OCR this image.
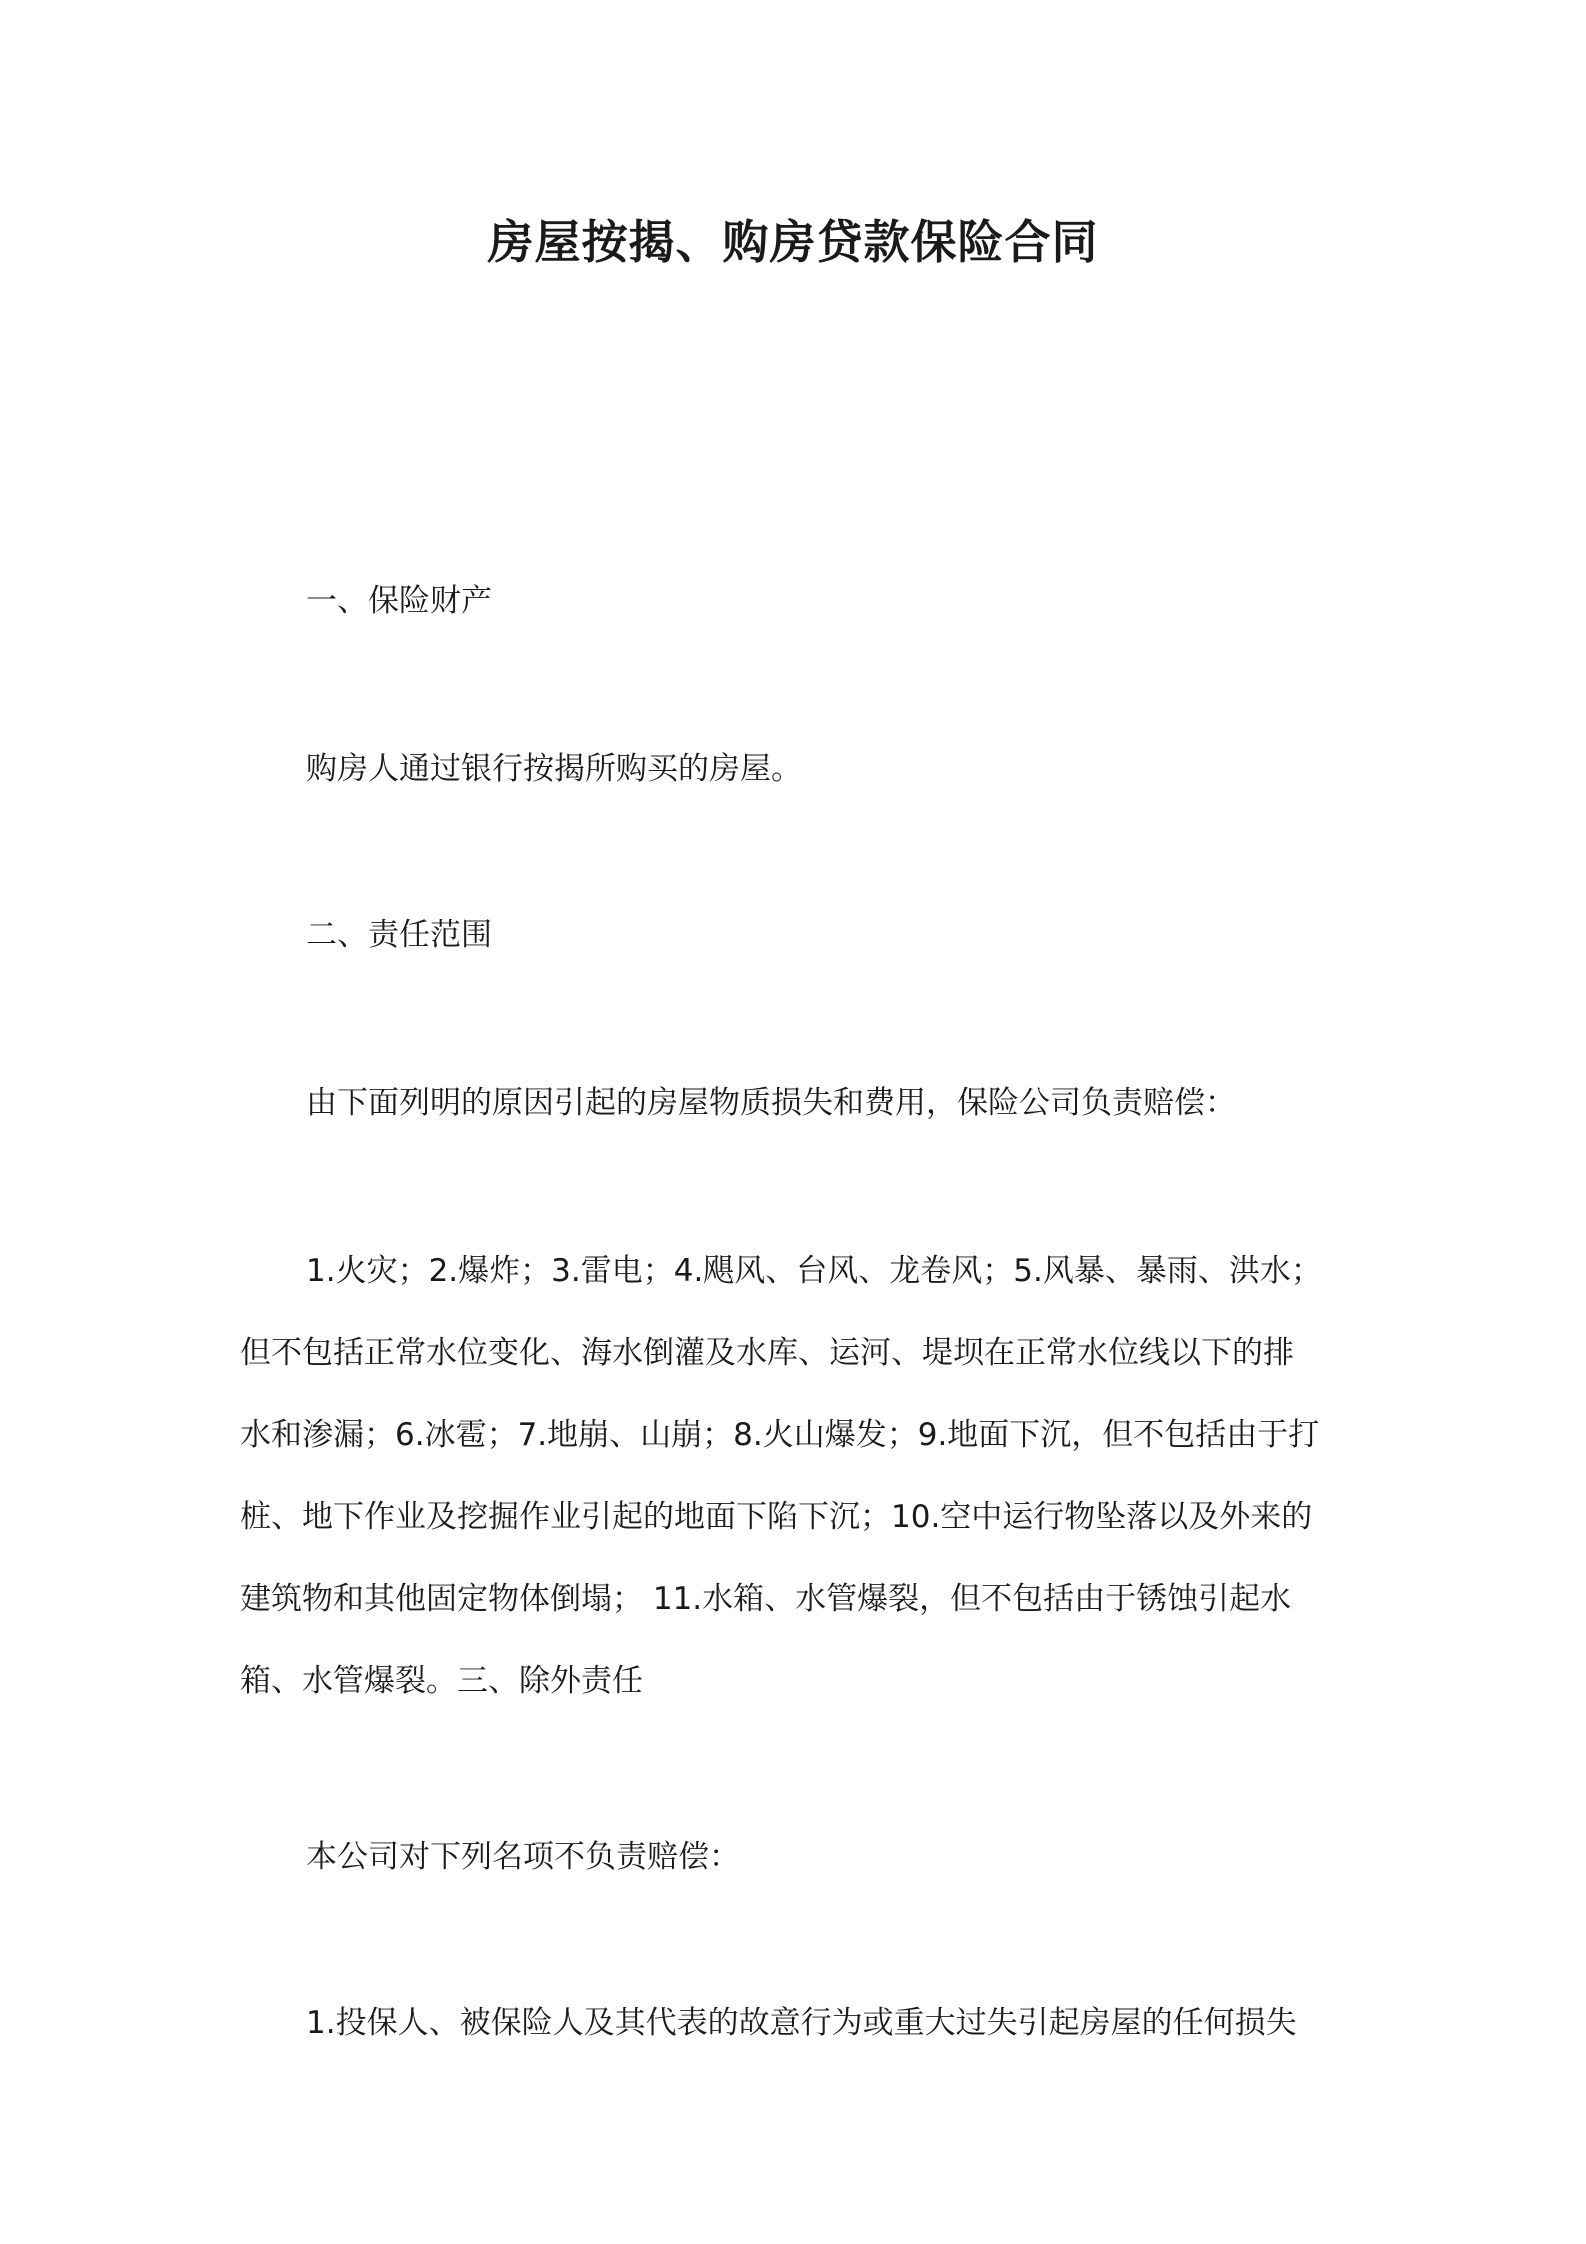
房屋按揭、购房贷款保险合同

一、保险财产

购房人通过银行按揭所购买的房屋。

二、责任范围

由下面列明的原因引起的房屋物质损失和费用，保险公司负责赔偿：

1.火灾；2.爆炸；3.雷电；4.飓风、台风、龙卷风；5.风暴、暴雨、洪水；
但不包括正常水位变化、海水倒灌及水库、运河、堤坝在正常水位线以下的排
水和渗漏；6.冰雹；7.地崩、山崩；8.火山爆发；9.地面下沉，但不包括由于打
桩、地下作业及挖掘作业引起的地面下陷下沉；10.空中运行物坠落以及外来的
建筑物和其他固定物体倒塌； 11.水箱、水管爆裂，但不包括由于锈蚀引起水
箱、水管爆裂。三、除外责任

本公司对下列名项不负责赔偿：

1.投保人、被保险人及其代表的故意行为或重大过失引起房屋的任何损失
